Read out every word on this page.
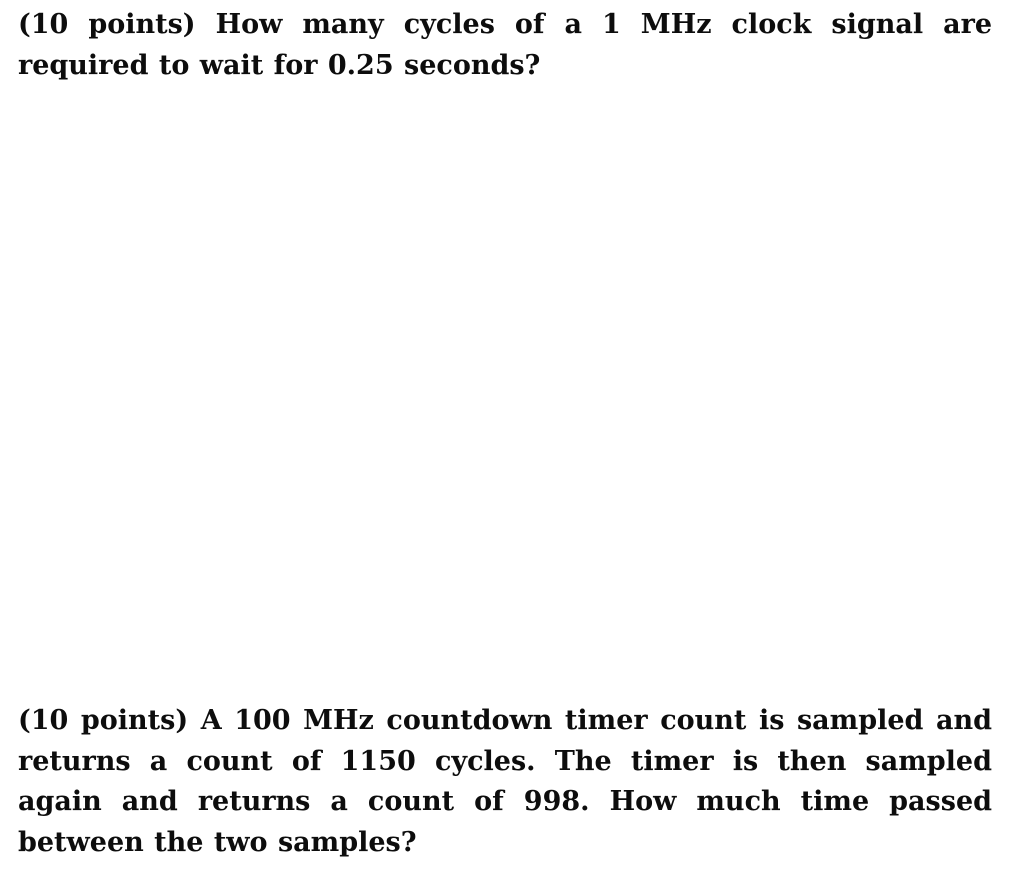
(10 points) How many cycles of a 1 MHz clock signal are required to wait for 0.25 seconds?

(10 points) A 100 MHz countdown timer count is sampled and returns a count of 1150 cycles. The timer is then sampled again and returns a count of 998. How much time passed between the two samples?
